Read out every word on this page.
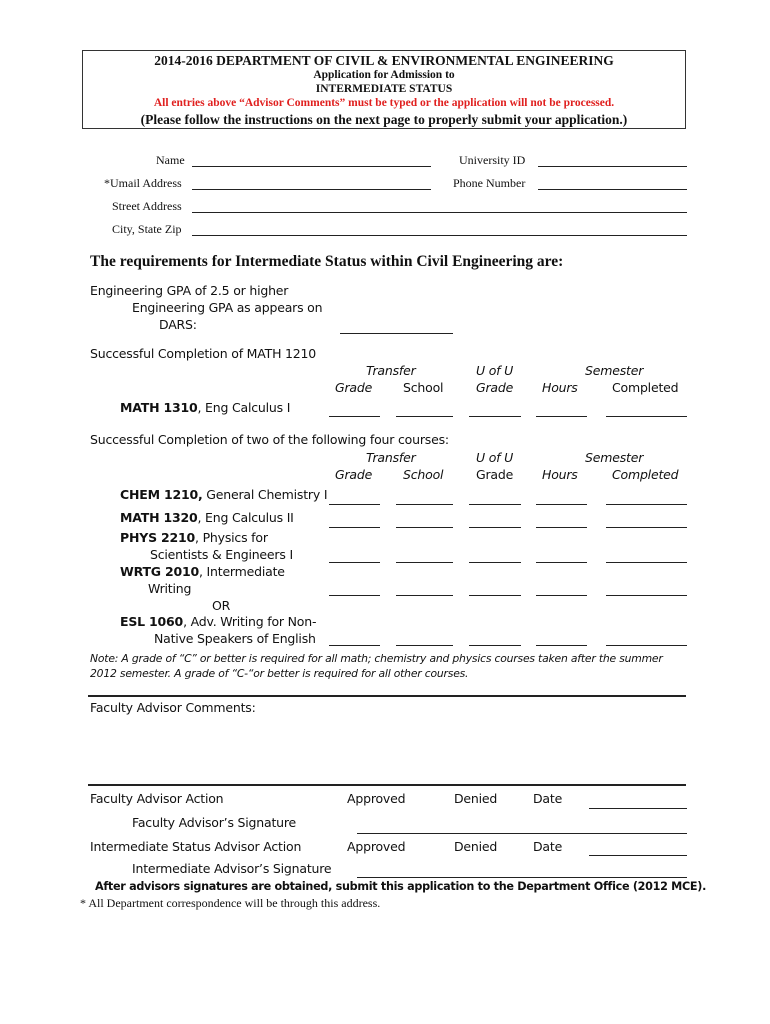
2014-2016 DEPARTMENT OF CIVIL & ENVIRONMENTAL ENGINEERING
Application for Admission to
INTERMEDIATE STATUS
All entries above “Advisor Comments” must be typed or the application will not be processed.
(Please follow the instructions on the next page to properly submit your application.)
Name	University ID
*Umail Address	Phone Number
Street Address
City, State Zip
The requirements for Intermediate Status within Civil Engineering are:
Engineering GPA of 2.5 or higher
Engineering GPA as appears on
DARS:
Successful Completion of MATH 1210
Transfer	U of U	Semester
Grade School	Grade Hours	Completed
MATH 1310, Eng Calculus I
Successful Completion of two of the following four courses:
Transfer	U of U	Semester
Grade School	Grade Hours	Completed
CHEM 1210, General Chemistry I
MATH 1320, Eng Calculus II
PHYS 2210, Physics for
Scientists & Engineers I
WRTG 2010, Intermediate
Writing
OR
ESL 1060, Adv. Writing for Non-
Native Speakers of English
Note: A grade of “C” or better is required for all math; chemistry and physics courses taken after the summer
2012 semester. A grade of “C-“or better is required for all other courses.
Faculty Advisor Comments:
Faculty Advisor Action	Approved	Denied	Date
Faculty Advisor’s Signature
Intermediate Status Advisor Action	Approved	Denied	Date
Intermediate Advisor’s Signature
After advisors signatures are obtained, submit this application to the Department Office (2012 MCE).
* All Department correspondence will be through this address.
